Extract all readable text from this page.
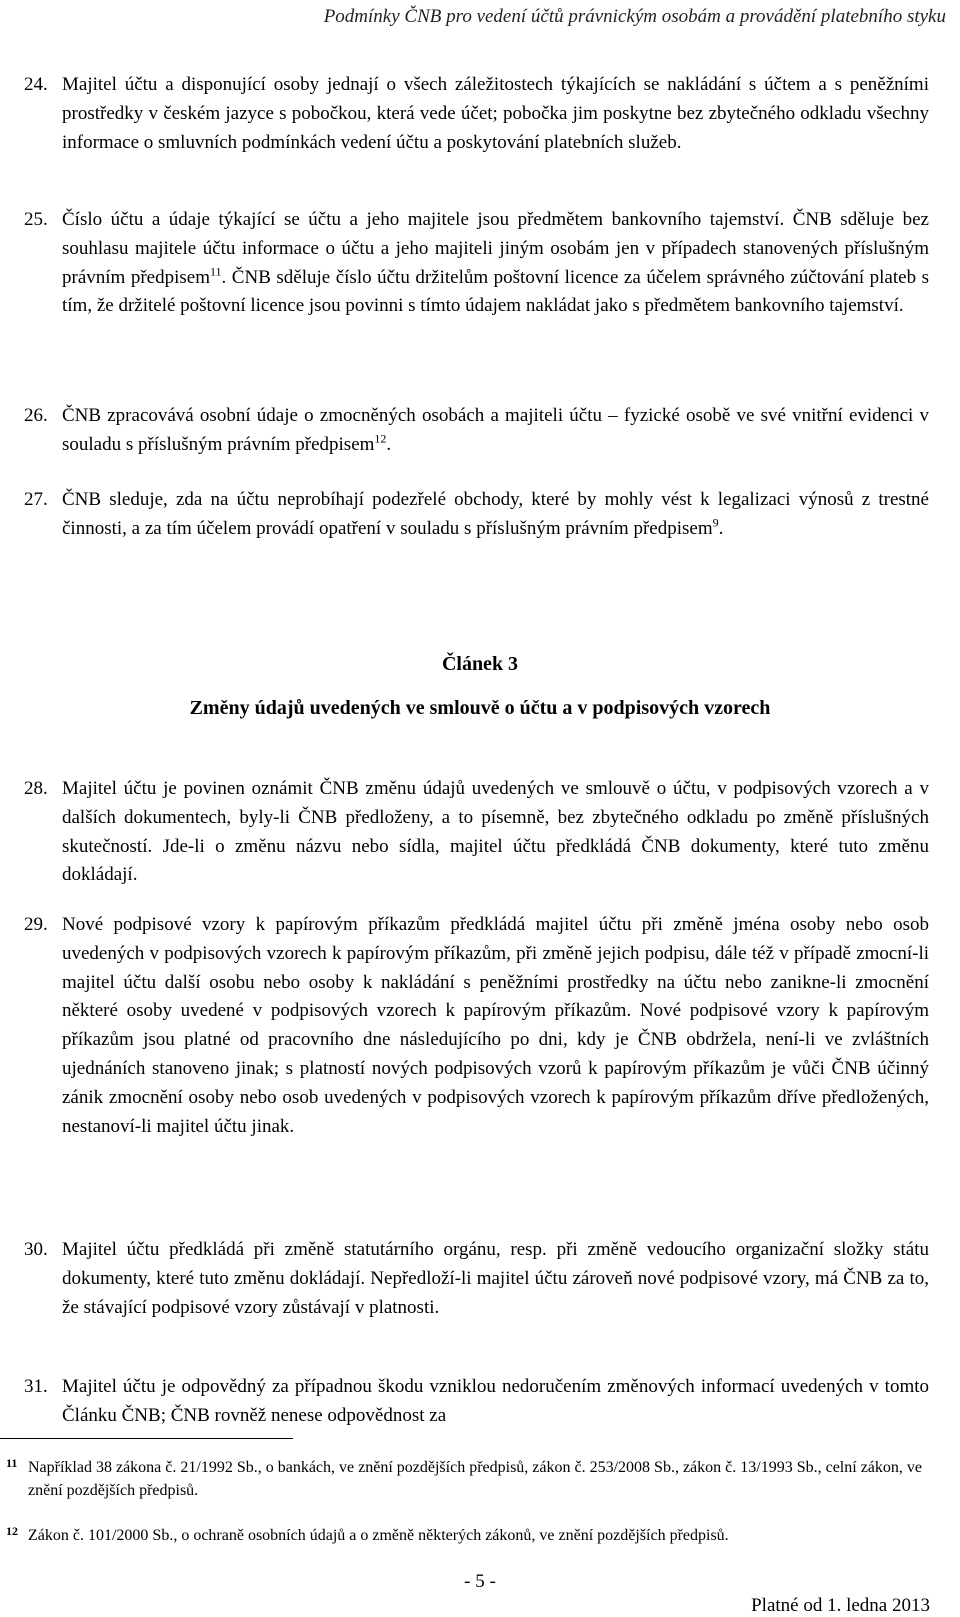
Podmínky ČNB pro vedení účtů právnickým osobám a provádění platebního styku
24. Majitel účtu a disponující osoby jednají o všech záležitostech týkajících se nakládání s účtem a s peněžními prostředky v českém jazyce s pobočkou, která vede účet; pobočka jim poskytne bez zbytečného odkladu všechny informace o smluvních podmínkách vedení účtu a poskytování platebních služeb.
25. Číslo účtu a údaje týkající se účtu a jeho majitele jsou předmětem bankovního tajemství. ČNB sděluje bez souhlasu majitele účtu informace o účtu a jeho majiteli jiným osobám jen v případech stanovených příslušným právním předpisem$^{11}$. ČNB sděluje číslo účtu držitelům poštovní licence za účelem správného zúčtování plateb s tím, že držitelé poštovní licence jsou povinni s tímto údajem nakládat jako s předmětem bankovního tajemství.
26. ČNB zpracovává osobní údaje o zmocněných osobách a majiteli účtu – fyzické osobě ve své vnitřní evidenci v souladu s příslušným právním předpisem$^{12}$.
27. ČNB sleduje, zda na účtu neprobíhají podezřelé obchody, které by mohly vést k legalizaci výnosů z trestné činnosti, a za tím účelem provádí opatření v souladu s příslušným právním předpisem$^9$.
Článek 3
Změny údajů uvedených ve smlouvě o účtu a v podpisových vzorech
28. Majitel účtu je povinen oznámit ČNB změnu údajů uvedených ve smlouvě o účtu, v podpisových vzorech a v dalších dokumentech, byly-li ČNB předloženy, a to písemně, bez zbytečného odkladu po změně příslušných skutečností. Jde-li o změnu názvu nebo sídla, majitel účtu předkládá ČNB dokumenty, které tuto změnu dokládají.
29. Nové podpisové vzory k papírovým příkazům předkládá majitel účtu při změně jména osoby nebo osob uvedených v podpisových vzorech k papírovým příkazům, při změně jejich podpisu, dále též v případě zmocní-li majitel účtu další osobu nebo osoby k nakládání s peněžními prostředky na účtu nebo zanikne-li zmocnění některé osoby uvedené v podpisových vzorech k papírovým příkazům. Nové podpisové vzory k papírovým příkazům jsou platné od pracovního dne následujícího po dni, kdy je ČNB obdržela, není-li ve zvláštních ujednáních stanoveno jinak; s platností nových podpisových vzorů k papírovým příkazům je vůči ČNB účinný zánik zmocnění osoby nebo osob uvedených v podpisových vzorech k papírovým příkazům dříve předložených, nestanoví-li majitel účtu jinak.
30. Majitel účtu předkládá při změně statutárního orgánu, resp. při změně vedoucího organizační složky státu dokumenty, které tuto změnu dokládají. Nepředloží-li majitel účtu zároveň nové podpisové vzory, má ČNB za to, že stávající podpisové vzory zůstávají v platnosti.
31. Majitel účtu je odpovědný za případnou škodu vzniklou nedoručením změnových informací uvedených v tomto Článku ČNB; ČNB rovněž nenese odpovědnost za
11 Například 38 zákona č. 21/1992 Sb., o bankách, ve znění pozdějších předpisů, zákon č. 253/2008 Sb., zákon č. 13/1993 Sb., celní zákon, ve znění pozdějších předpisů.
12 Zákon č. 101/2000 Sb., o ochraně osobních údajů a o změně některých zákonů, ve znění pozdějších předpisů.
- 5 -
Platné od 1. ledna 2013
